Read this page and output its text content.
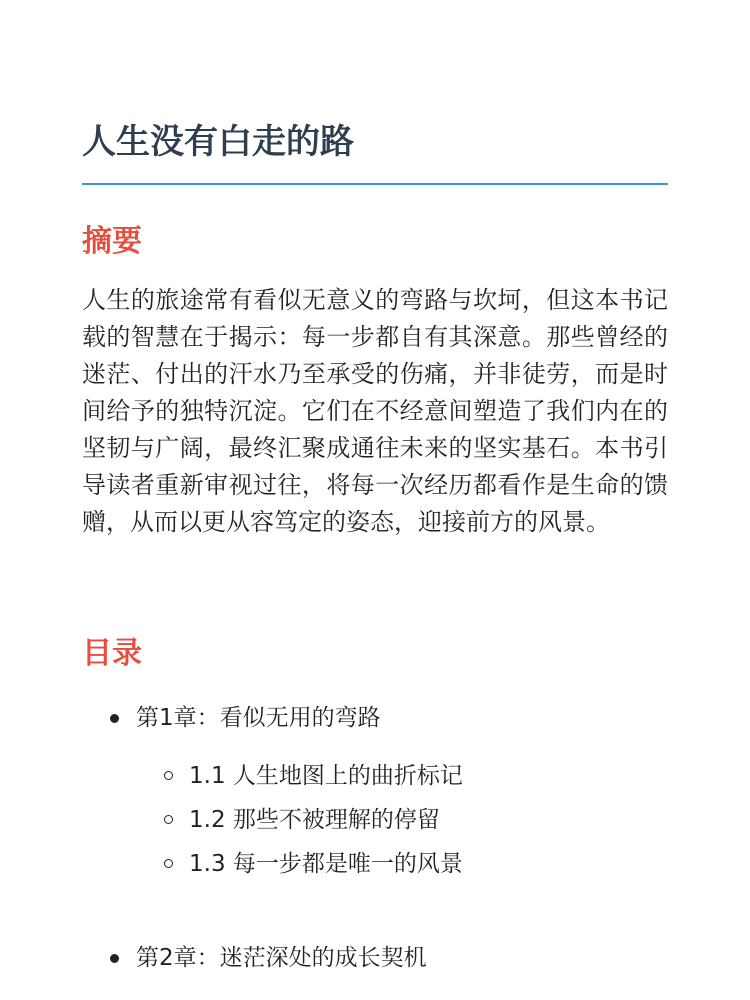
人生没有白走的路
摘要

人生的旅途常有看似无意义的弯路与坎坷，但这本书记载的智慧在于揭示：每一步都自有其深意。那些曾经的迷茫、付出的汗水乃至承受的伤痛，并非徒劳，而是时间给予的独特沉淀。它们在不经意间塑造了我们内在的坚韧与广阔，最终汇聚成通往未来的坚实基石。本书引导读者重新审视过往，将每一次经历都看作是生命的馈赠，从而以更从容笃定的姿态，迎接前方的风景。

目录
第1章：看似无用的弯路
1.1 人生地图上的曲折标记
1.2 那些不被理解的停留
1.3 每一步都是唯一的风景
第2章：迷茫深处的成长契机
